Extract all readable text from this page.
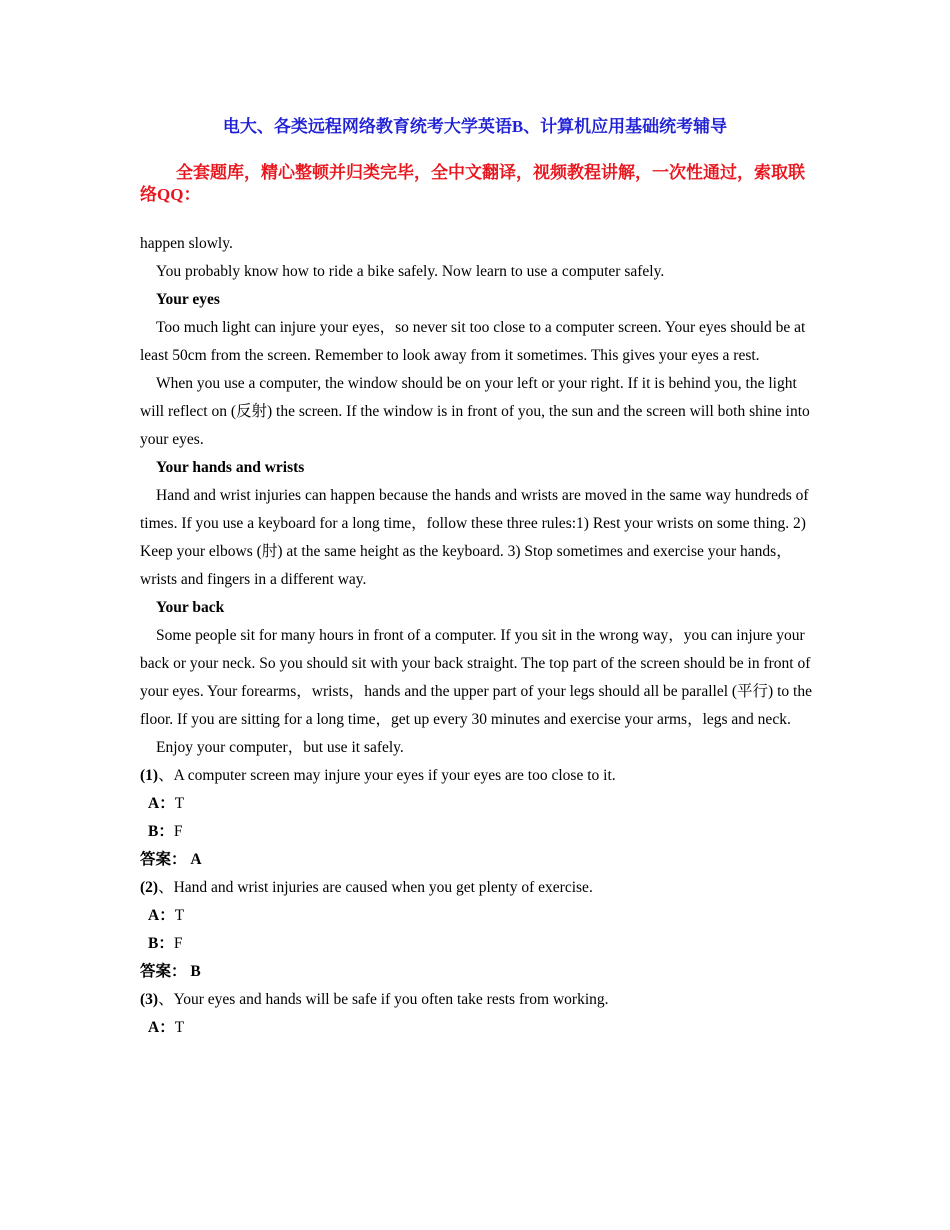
电大、各类远程网络教育统考大学英语B、计算机应用基础统考辅导
全套题库，精心整顿并归类完毕，全中文翻译，视频教程讲解，一次性通过，索取联络QQ：

happen slowly.

You probably know how to ride a bike safely. Now learn to use a computer safely.

Your eyes

Too much light can injure your eyes，so never sit too close to a computer screen. Your eyes should be at least 50cm from the screen. Remember to look away from it sometimes. This gives your eyes a rest.

When you use a computer, the window should be on your left or your right. If it is behind you, the light will reflect on (反射) the screen. If the window is in front of you, the sun and the screen will both shine into your eyes.

Your hands and wrists

Hand and wrist injuries can happen because the hands and wrists are moved in the same way hundreds of times. If you use a keyboard for a long time，follow these three rules:1) Rest your wrists on some thing. 2) Keep your elbows (肘) at the same height as the keyboard. 3) Stop sometimes and exercise your hands，wrists and fingers in a different way.

Your back

Some people sit for many hours in front of a computer. If you sit in the wrong way，you can injure your back or your neck. So you should sit with your back straight. The top part of the screen should be in front of your eyes. Your forearms，wrists，hands and the upper part of your legs should all be parallel (平行) to the floor. If you are sitting for a long time，get up every 30 minutes and exercise your arms，legs and neck.

Enjoy your computer，but use it safely.

(1)、A computer screen may injure your eyes if your eyes are too close to it.

A：T

B：F

答案： A

(2)、Hand and wrist injuries are caused when you get plenty of exercise.

A：T

B：F

答案： B

(3)、Your eyes and hands will be safe if you often take rests from working.

A：T
